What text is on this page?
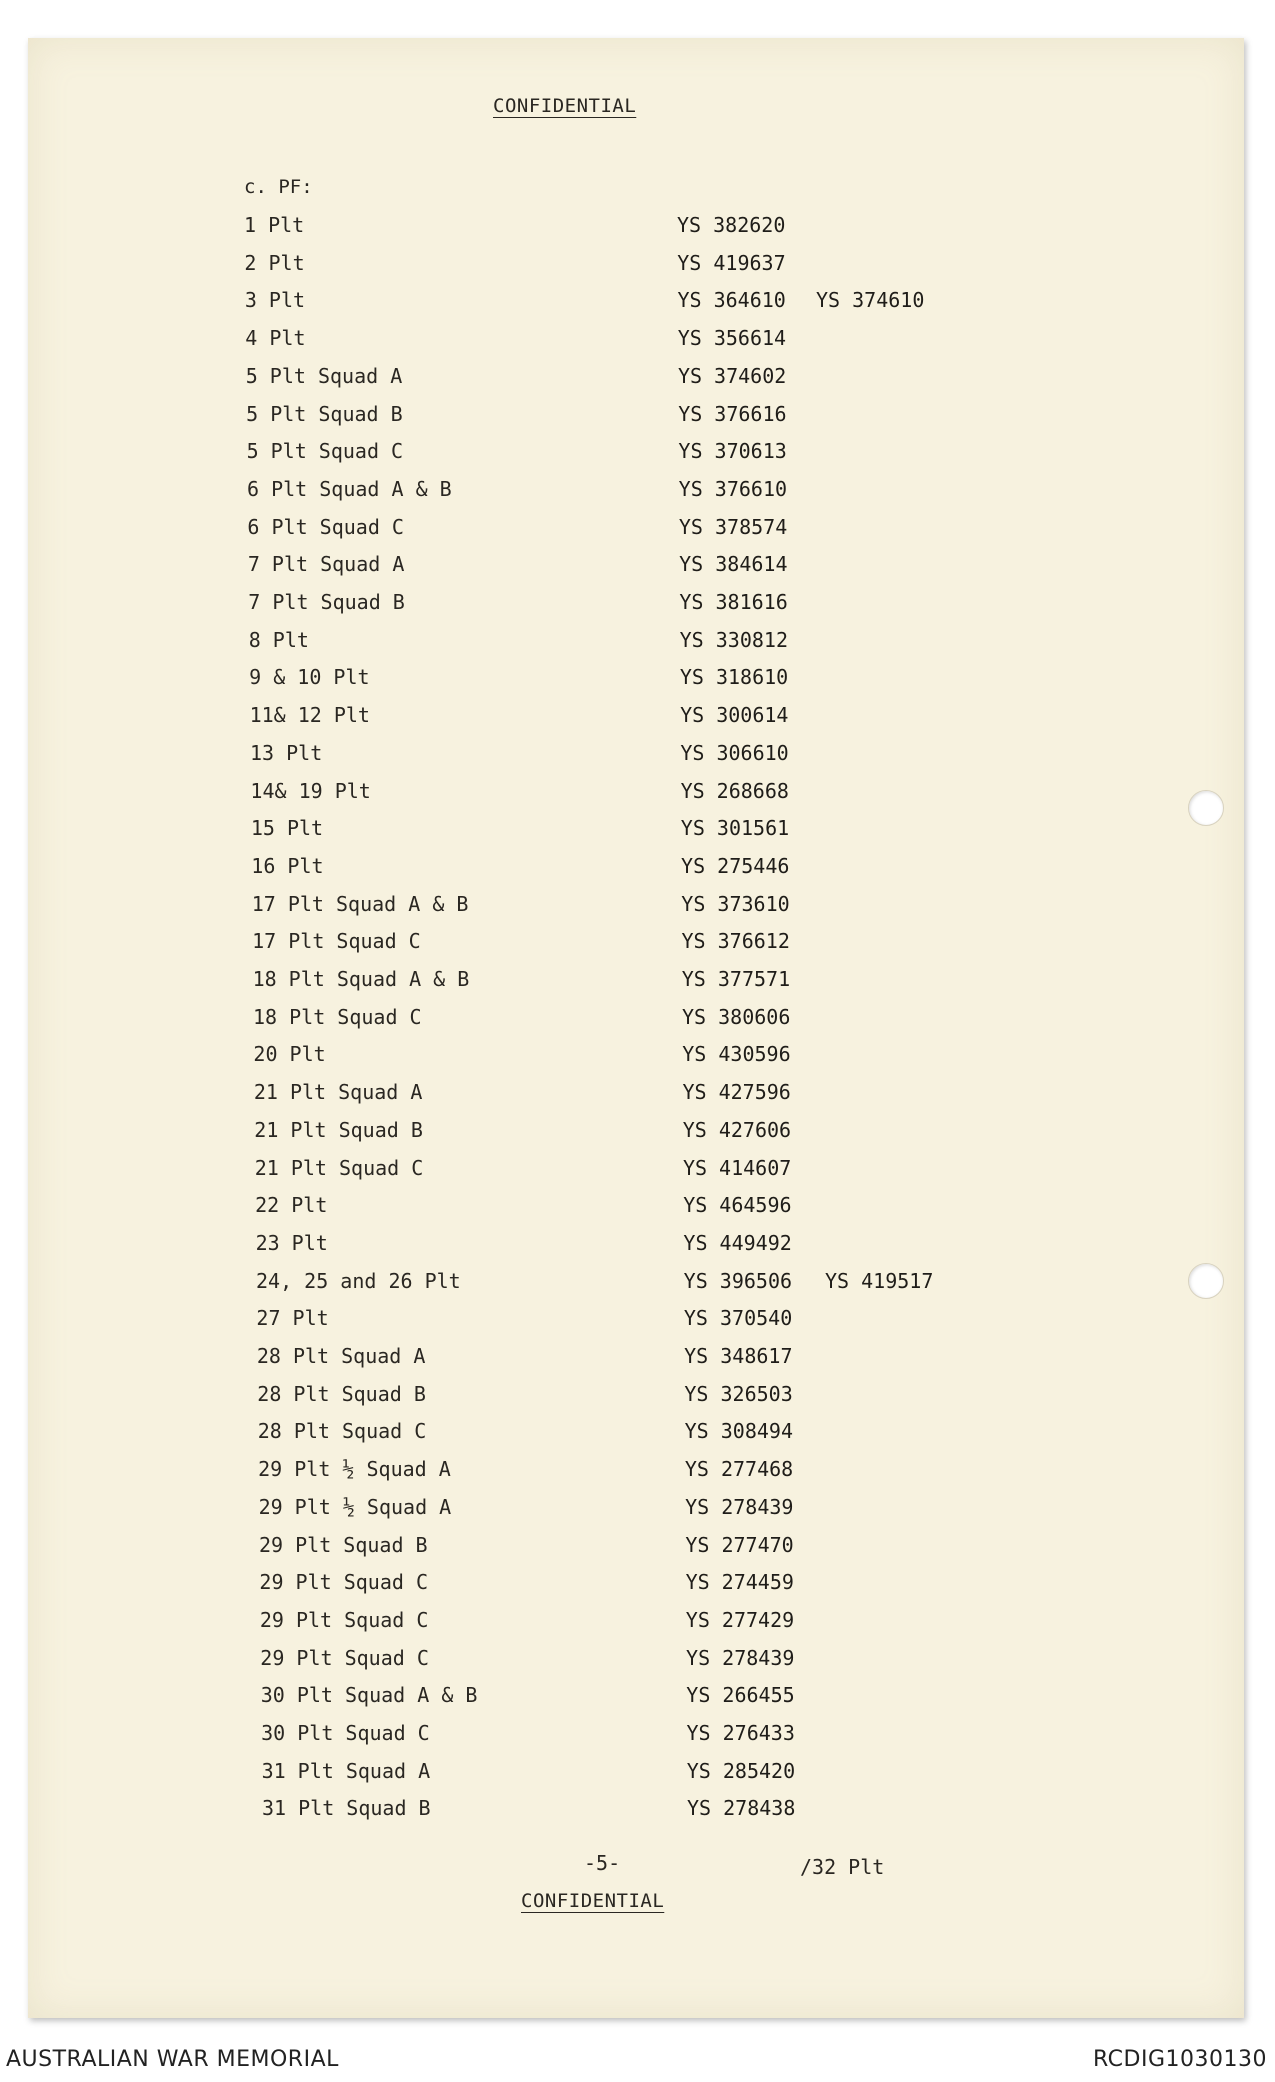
CONFIDENTIAL
c. PF:
1 Plt	YS 382620
2 Plt	YS 419637
3 Plt	YS 364610 YS 374610
4 Plt	YS 356614
5 Plt Squad A	YS 374602
5 Plt Squad B	YS 376616
5 Plt Squad C	YS 370613
6 Plt Squad A & B	YS 376610
6 Plt Squad C	YS 378574
7 Plt Squad A	YS 384614
7 Plt Squad B	YS 381616
8 Plt	YS 330812
9 & 10 Plt	YS 318610
11& 12 Plt	YS 300614
13 Plt	YS 306610
14& 19 Plt	YS 268668
15 Plt	YS 301561
16 Plt	YS 275446
17 Plt Squad A & B	YS 373610
17 Plt Squad C	YS 376612
18 Plt Squad A & B	YS 377571
18 Plt Squad C	YS 380606
20 Plt	YS 430596
21 Plt Squad A	YS 427596
21 Plt Squad B	YS 427606
21 Plt Squad C	YS 414607
22 Plt	YS 464596
23 Plt	YS 449492
24, 25 and 26 Plt	YS 396506 YS 419517
27 Plt	YS 370540
28 Plt Squad A	YS 348617
28 Plt Squad B	YS 326503
28 Plt Squad C	YS 308494
29 Plt ½ Squad A	YS 277468
29 Plt ½ Squad A	YS 278439
29 Plt Squad B	YS 277470
29 Plt Squad C	YS 274459
29 Plt Squad C	YS 277429
29 Plt Squad C	YS 278439
30 Plt Squad A & B	YS 266455
30 Plt Squad C	YS 276433
31 Plt Squad A	YS 285420
31 Plt Squad B	YS 278438
-5-	/32 Plt
CONFIDENTIAL
AUSTRALIAN WAR MEMORIAL	RCDIG1030130
